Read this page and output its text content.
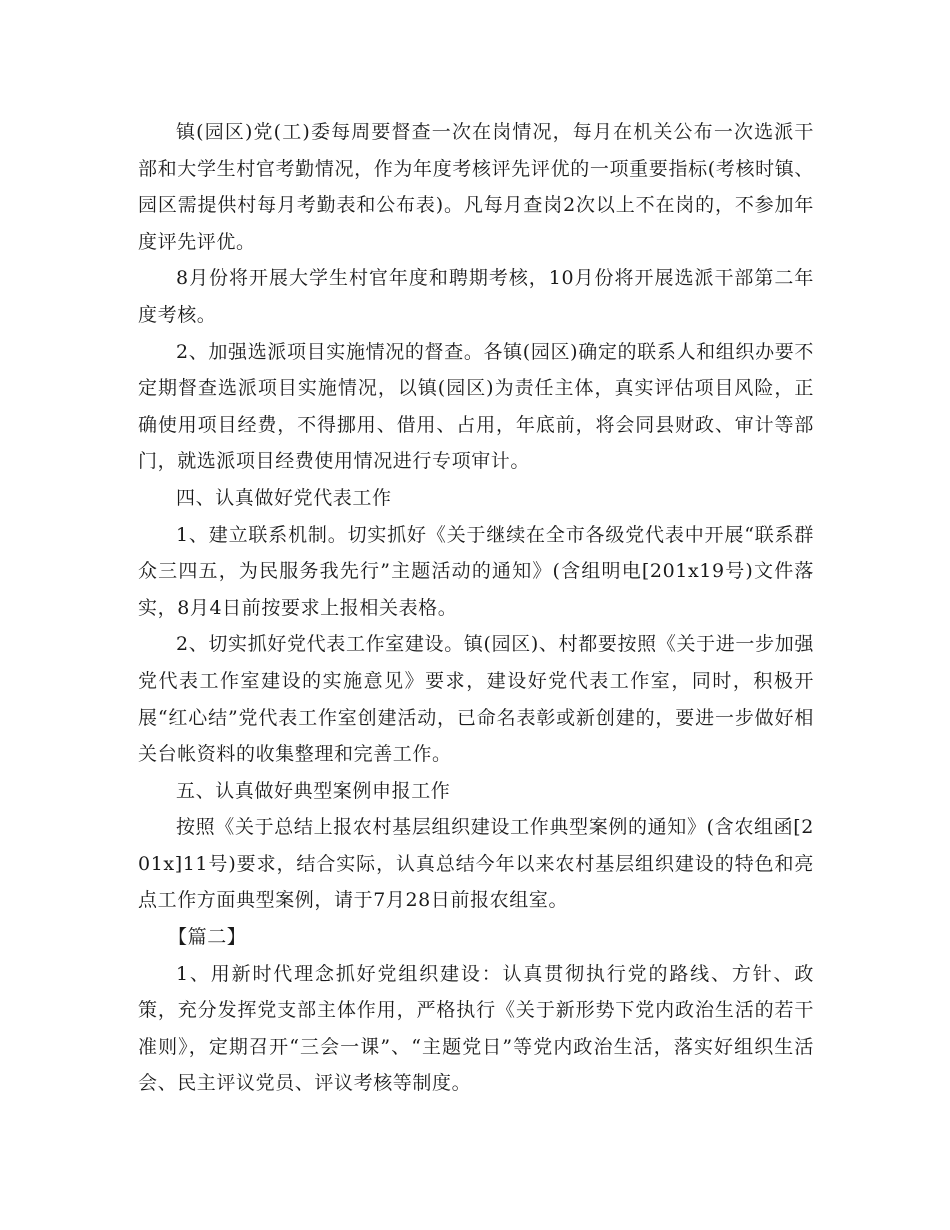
镇(园区)党(工)委每周要督查一次在岗情况，每月在机关公布一次选派干部和大学生村官考勤情况，作为年度考核评先评优的一项重要指标(考核时镇、园区需提供村每月考勤表和公布表)。凡每月查岗2次以上不在岗的，不参加年度评先评优。

8月份将开展大学生村官年度和聘期考核，10月份将开展选派干部第二年度考核。

2、加强选派项目实施情况的督查。各镇(园区)确定的联系人和组织办要不定期督查选派项目实施情况，以镇(园区)为责任主体，真实评估项目风险，正确使用项目经费，不得挪用、借用、占用，年底前，将会同县财政、审计等部门，就选派项目经费使用情况进行专项审计。

四、认真做好党代表工作

1、建立联系机制。切实抓好《关于继续在全市各级党代表中开展“联系群众三四五，为民服务我先行”主题活动的通知》(含组明电[201x19号)文件落实，8月4日前按要求上报相关表格。

2、切实抓好党代表工作室建设。镇(园区)、村都要按照《关于进一步加强党代表工作室建设的实施意见》要求，建设好党代表工作室，同时，积极开展“红心结”党代表工作室创建活动，已命名表彰或新创建的，要进一步做好相关台帐资料的收集整理和完善工作。

五、认真做好典型案例申报工作

按照《关于总结上报农村基层组织建设工作典型案例的通知》(含农组函[201x]11号)要求，结合实际，认真总结今年以来农村基层组织建设的特色和亮点工作方面典型案例，请于7月28日前报农组室。

【篇二】

1、用新时代理念抓好党组织建设：认真贯彻执行党的路线、方针、政策，充分发挥党支部主体作用，严格执行《关于新形势下党内政治生活的若干准则》，定期召开“三会一课”、“主题党日”等党内政治生活，落实好组织生活会、民主评议党员、评议考核等制度。
